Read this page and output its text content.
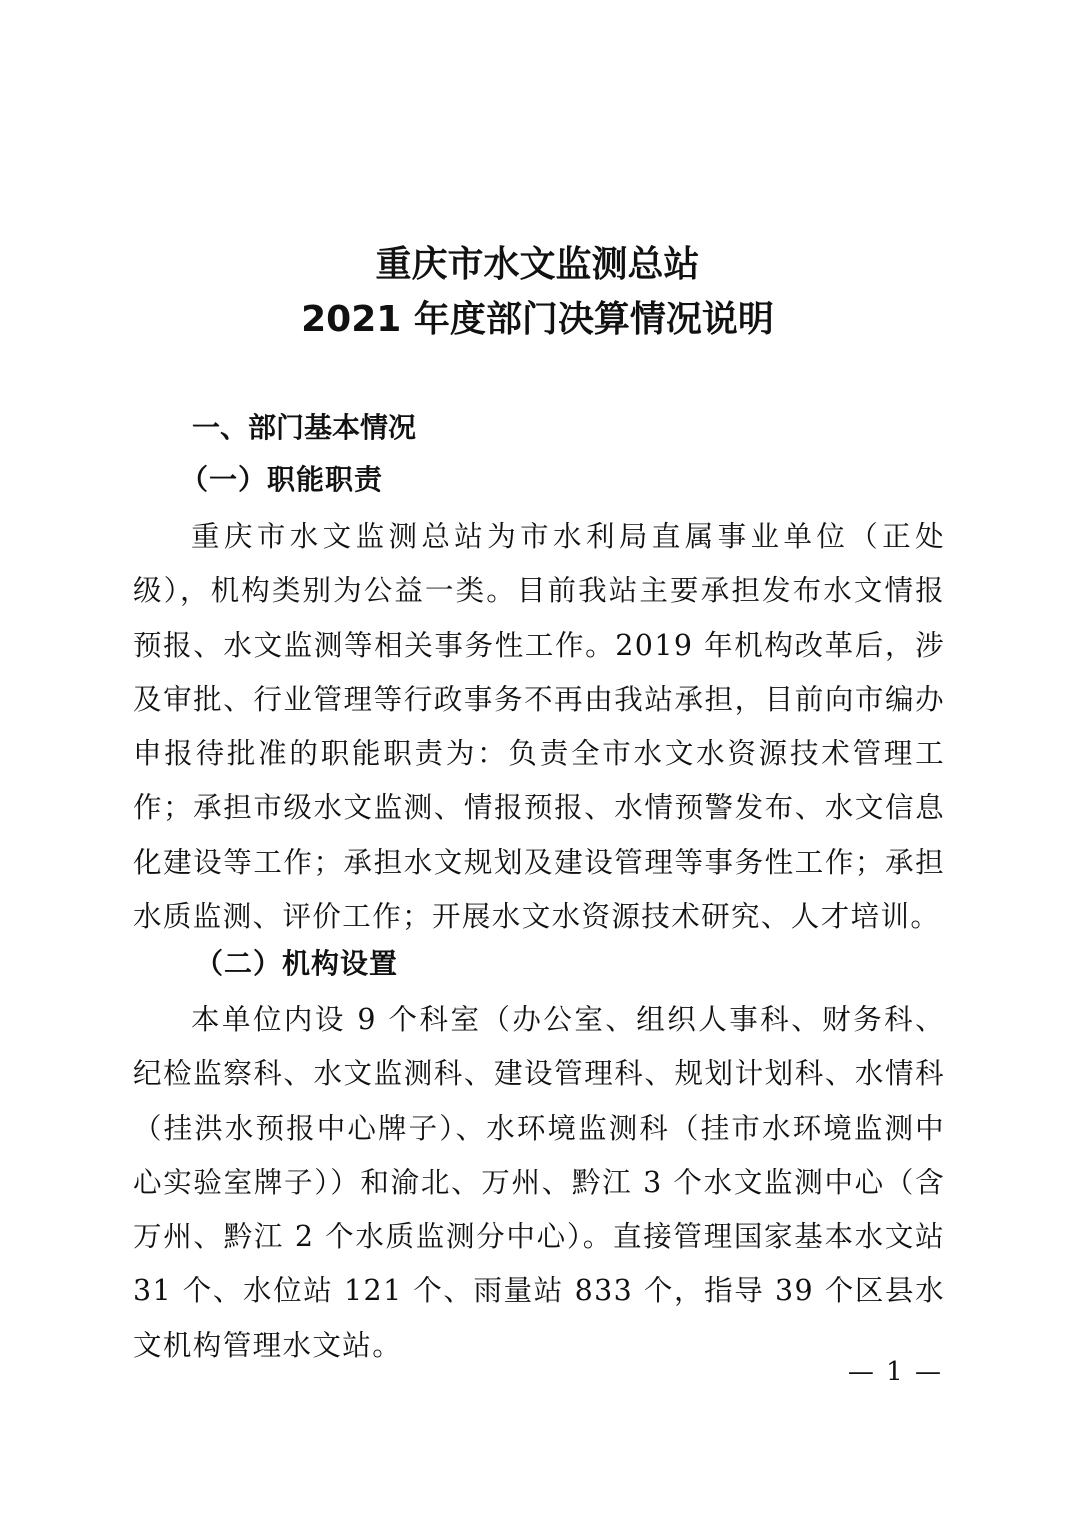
重庆市水文监测总站
2021 年度部门决算情况说明
一、部门基本情况
（一）职能职责

重庆市水文监测总站为市水利局直属事业单位（正处级），机构类别为公益一类。目前我站主要承担发布水文情报预报、水文监测等相关事务性工作。2019 年机构改革后，涉及审批、行业管理等行政事务不再由我站承担，目前向市编办申报待批准的职能职责为：负责全市水文水资源技术管理工作；承担市级水文监测、情报预报、水情预警发布、水文信息化建设等工作；承担水文规划及建设管理等事务性工作；承担水质监测、评价工作；开展水文水资源技术研究、人才培训。

（二）机构设置

本单位内设 9 个科室（办公室、组织人事科、财务科、纪检监察科、水文监测科、建设管理科、规划计划科、水情科（挂洪水预报中心牌子）、水环境监测科（挂市水环境监测中心实验室牌子））和渝北、万州、黔江 3 个水文监测中心（含万州、黔江 2 个水质监测分中心）。直接管理国家基本水文站 31 个、水位站 121 个、雨量站 833 个，指导 39 个区县水文机构管理水文站。

— 1 —
